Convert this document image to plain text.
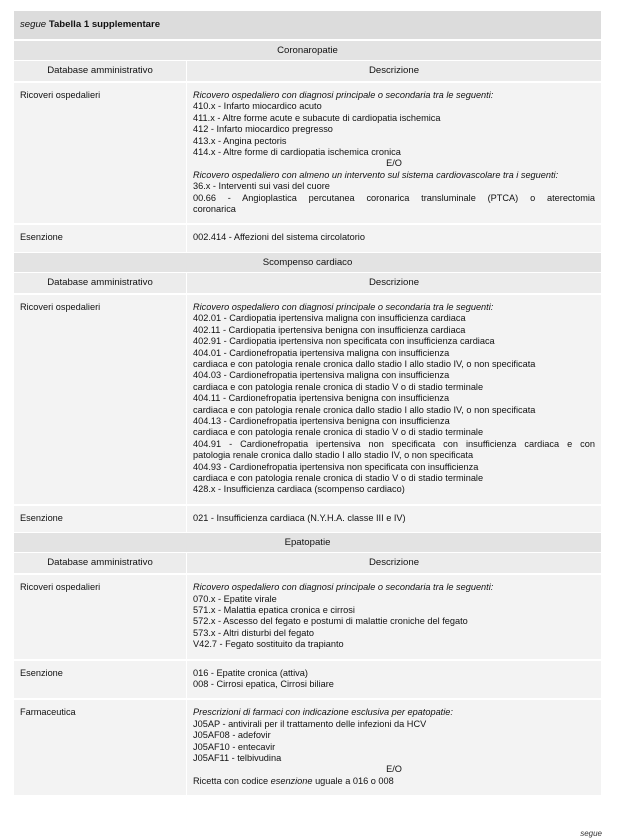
segue Tabella 1 supplementare
Coronaropatie
Database amministrativo	Descrizione
Ricoveri ospedalieri	Ricovero ospedaliero con diagnosi principale o secondaria tra le seguenti:
410.x - Infarto miocardico acuto
411.x - Altre forme acute e subacute di cardiopatia ischemica
412 - Infarto miocardico pregresso
413.x - Angina pectoris
414.x - Altre forme di cardiopatia ischemica cronica
E/O
Ricovero ospedaliero con almeno un intervento sul sistema cardiovascolare tra i seguenti:
36.x - Interventi sui vasi del cuore
00.66 - Angioplastica percutanea coronarica transluminale (PTCA) o aterectomia
coronarica
Esenzione	002.414 - Affezioni del sistema circolatorio
Scompenso cardiaco
Database amministrativo	Descrizione
Ricoveri ospedalieri	Ricovero ospedaliero con diagnosi principale o secondaria tra le seguenti:
402.01 - Cardiopatia ipertensiva maligna con insufficienza cardiaca
402.11 - Cardiopatia ipertensiva benigna con insufficienza cardiaca
402.91 - Cardiopatia ipertensiva non specificata con insufficienza cardiaca
404.01 - Cardionefropatia ipertensiva maligna con insufficienza
cardiaca e con patologia renale cronica dallo stadio I allo stadio IV, o non specificata
404.03 - Cardionefropatia ipertensiva maligna con insufficienza
cardiaca e con patologia renale cronica di stadio V o di stadio terminale
404.11 - Cardionefropatia ipertensiva benigna con insufficienza
cardiaca e con patologia renale cronica dallo stadio I allo stadio IV, o non specificata
404.13 - Cardionefropatia ipertensiva benigna con insufficienza
cardiaca e con patologia renale cronica di stadio V o di stadio terminale
404.91 - Cardionefropatia ipertensiva non specificata con insufficienza cardiaca e con
patologia renale cronica dallo stadio I allo stadio IV, o non specificata
404.93 - Cardionefropatia ipertensiva non specificata con insufficienza
cardiaca e con patologia renale cronica di stadio V o di stadio terminale
428.x - Insufficienza cardiaca (scompenso cardiaco)
Esenzione	021 - Insufficienza cardiaca (N.Y.H.A. classe III e IV)
Epatopatie
Database amministrativo	Descrizione
Ricoveri ospedalieri	Ricovero ospedaliero con diagnosi principale o secondaria tra le seguenti:
070.x - Epatite virale
571.x - Malattia epatica cronica e cirrosi
572.x - Ascesso del fegato e postumi di malattie croniche del fegato
573.x - Altri disturbi del fegato
V42.7 - Fegato sostituito da trapianto
Esenzione	016 - Epatite cronica (attiva)
008 - Cirrosi epatica, Cirrosi biliare
Farmaceutica	Prescrizioni di farmaci con indicazione esclusiva per epatopatie:
J05AP - antivirali per il trattamento delle infezioni da HCV
J05AF08 - adefovir
J05AF10 - entecavir
J05AF11 - telbivudina
E/O
Ricetta con codice esenzione uguale a 016 o 008
segue
